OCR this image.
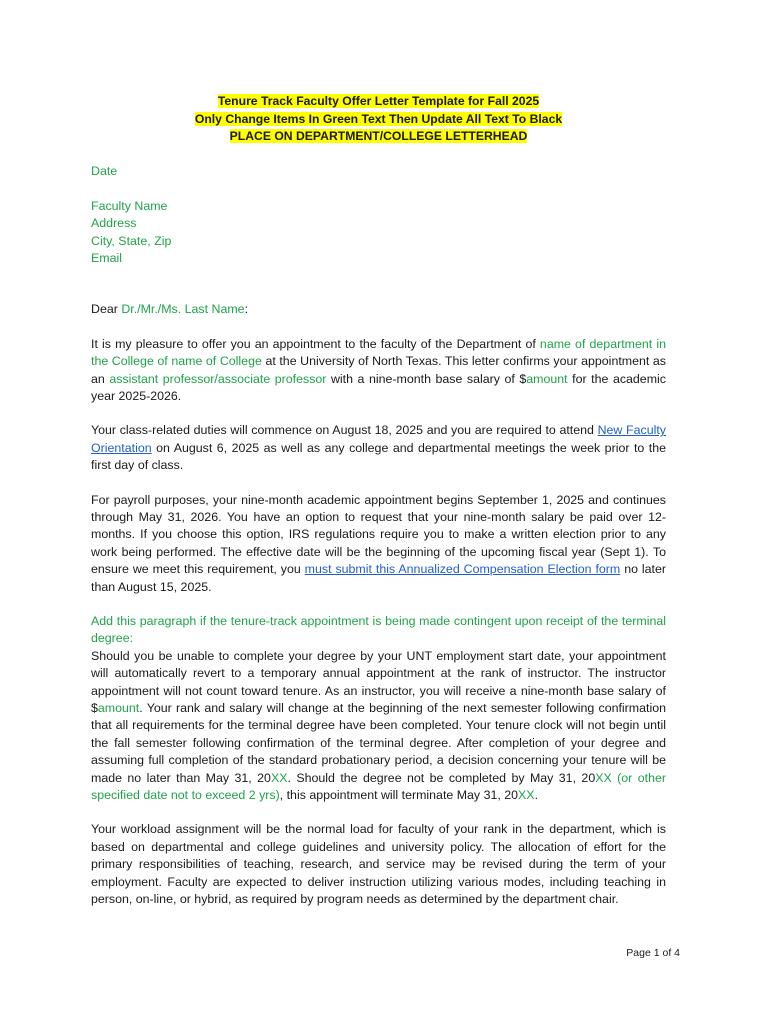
Tenure Track Faculty Offer Letter Template for Fall 2025
Only Change Items In Green Text Then Update All Text To Black
PLACE ON DEPARTMENT/COLLEGE LETTERHEAD
Date
Faculty Name
Address
City, State, Zip
Email

Dear Dr./Mr./Ms. Last Name:

It is my pleasure to offer you an appointment to the faculty of the Department of name of department in the College of name of College at the University of North Texas. This letter confirms your appointment as an assistant professor/associate professor with a nine-month base salary of $amount for the academic year 2025-2026.

Your class-related duties will commence on August 18, 2025 and you are required to attend New Faculty Orientation on August 6, 2025 as well as any college and departmental meetings the week prior to the first day of class.

For payroll purposes, your nine-month academic appointment begins September 1, 2025 and continues through May 31, 2026. You have an option to request that your nine-month salary be paid over 12-months. If you choose this option, IRS regulations require you to make a written election prior to any work being performed. The effective date will be the beginning of the upcoming fiscal year (Sept 1). To ensure we meet this requirement, you must submit this Annualized Compensation Election form no later than August 15, 2025.

Add this paragraph if the tenure-track appointment is being made contingent upon receipt of the terminal degree:

Should you be unable to complete your degree by your UNT employment start date, your appointment will automatically revert to a temporary annual appointment at the rank of instructor. The instructor appointment will not count toward tenure. As an instructor, you will receive a nine-month base salary of $amount. Your rank and salary will change at the beginning of the next semester following confirmation that all requirements for the terminal degree have been completed. Your tenure clock will not begin until the fall semester following confirmation of the terminal degree. After completion of your degree and assuming full completion of the standard probationary period, a decision concerning your tenure will be made no later than May 31, 20XX. Should the degree not be completed by May 31, 20XX (or other specified date not to exceed 2 yrs), this appointment will terminate May 31, 20XX.

Your workload assignment will be the normal load for faculty of your rank in the department, which is based on departmental and college guidelines and university policy. The allocation of effort for the primary responsibilities of teaching, research, and service may be revised during the term of your employment. Faculty are expected to deliver instruction utilizing various modes, including teaching in person, on-line, or hybrid, as required by program needs as determined by the department chair.

Page 1 of 4
